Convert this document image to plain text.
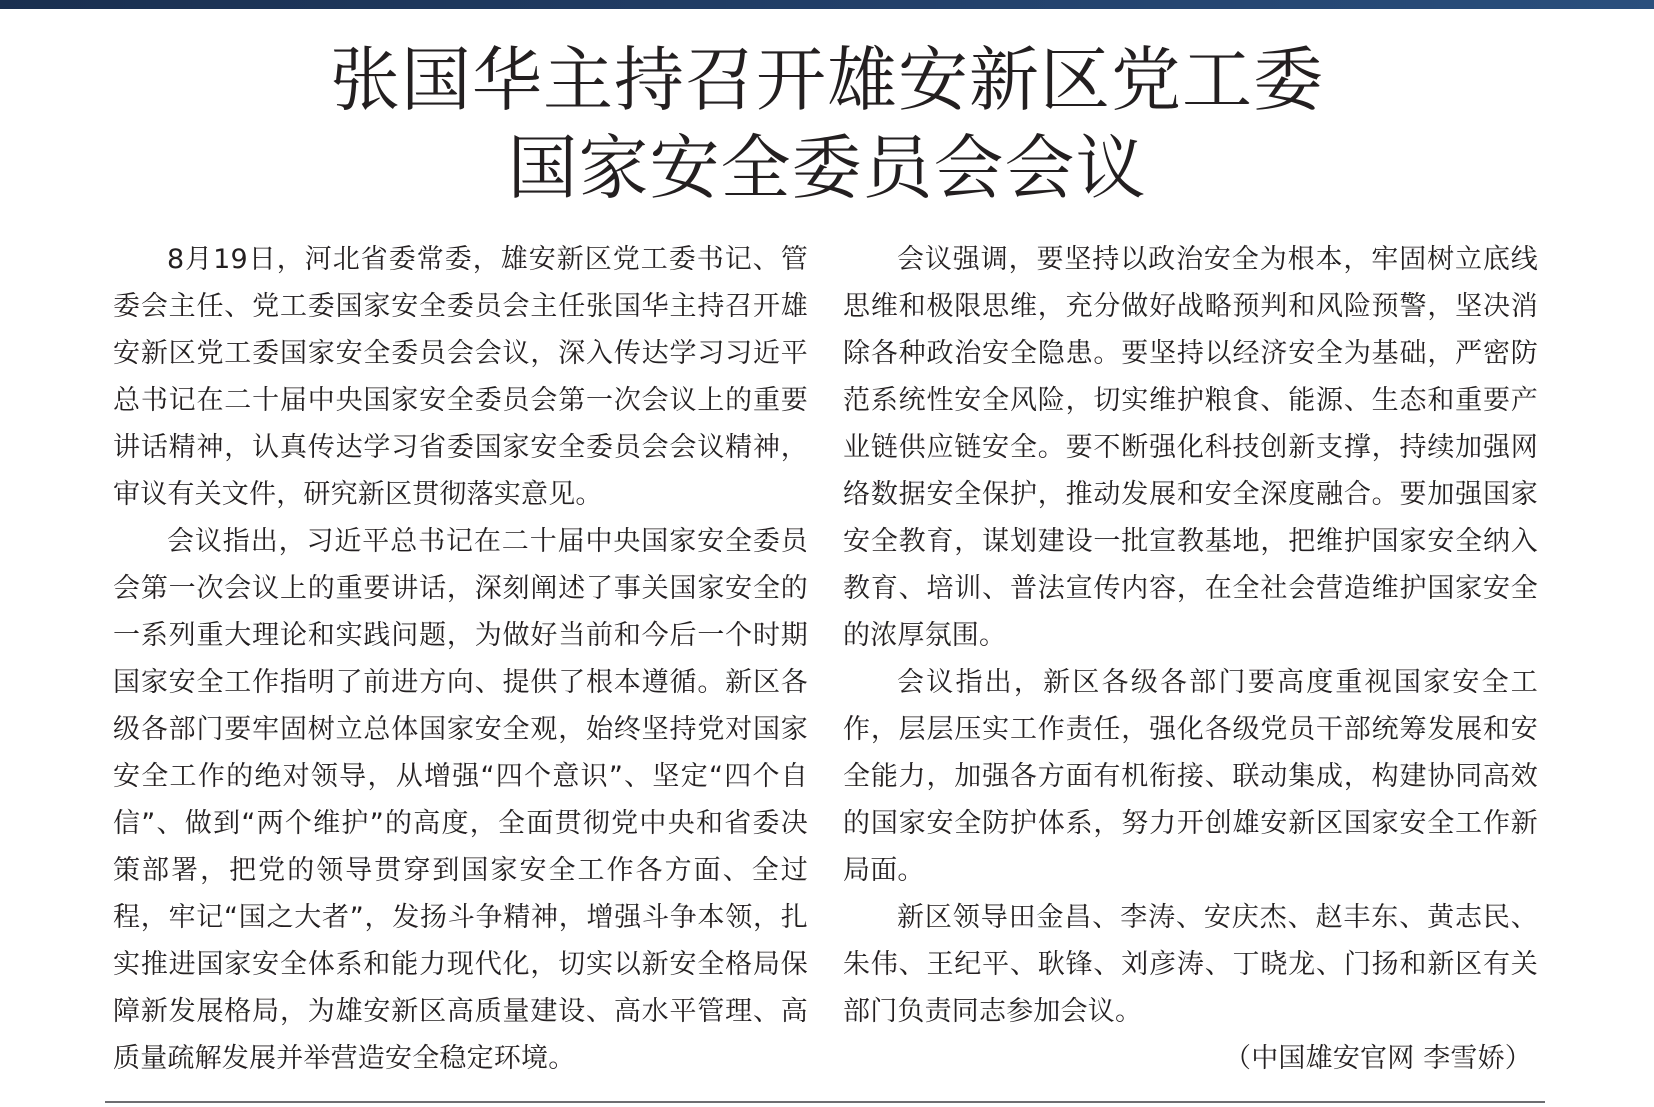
张国华主持召开雄安新区党工委
国家安全委员会会议

8月19日，河北省委常委，雄安新区党工委书记、管委会主任、党工委国家安全委员会主任张国华主持召开雄安新区党工委国家安全委员会会议，深入传达学习习近平总书记在二十届中央国家安全委员会第一次会议上的重要讲话精神，认真传达学习省委国家安全委员会会议精神，审议有关文件，研究新区贯彻落实意见。

会议指出，习近平总书记在二十届中央国家安全委员会第一次会议上的重要讲话，深刻阐述了事关国家安全的一系列重大理论和实践问题，为做好当前和今后一个时期国家安全工作指明了前进方向、提供了根本遵循。新区各级各部门要牢固树立总体国家安全观，始终坚持党对国家安全工作的绝对领导，从增强“四个意识”、坚定“四个自信”、做到“两个维护”的高度，全面贯彻党中央和省委决策部署，把党的领导贯穿到国家安全工作各方面、全过程，牢记“国之大者”，发扬斗争精神，增强斗争本领，扎实推进国家安全体系和能力现代化，切实以新安全格局保障新发展格局，为雄安新区高质量建设、高水平管理、高质量疏解发展并举营造安全稳定环境。

会议强调，要坚持以政治安全为根本，牢固树立底线思维和极限思维，充分做好战略预判和风险预警，坚决消除各种政治安全隐患。要坚持以经济安全为基础，严密防范系统性安全风险，切实维护粮食、能源、生态和重要产业链供应链安全。要不断强化科技创新支撑，持续加强网络数据安全保护，推动发展和安全深度融合。要加强国家安全教育，谋划建设一批宣教基地，把维护国家安全纳入教育、培训、普法宣传内容，在全社会营造维护国家安全的浓厚氛围。

会议指出，新区各级各部门要高度重视国家安全工作，层层压实工作责任，强化各级党员干部统筹发展和安全能力，加强各方面有机衔接、联动集成，构建协同高效的国家安全防护体系，努力开创雄安新区国家安全工作新局面。

新区领导田金昌、李涛、安庆杰、赵丰东、黄志民、朱伟、王纪平、耿锋、刘彦涛、丁晓龙、门扬和新区有关部门负责同志参加会议。

（中国雄安官网 李雪娇）
